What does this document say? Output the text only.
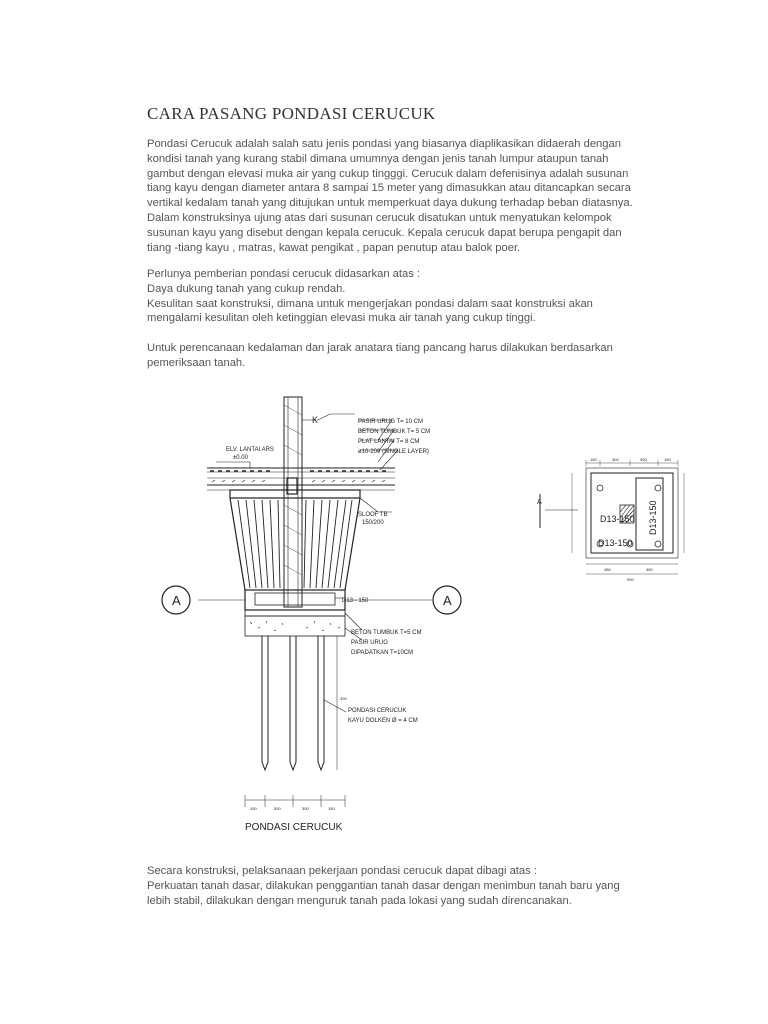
CARA PASANG PONDASI CERUCUK
Pondasi Cerucuk adalah salah satu jenis pondasi yang biasanya diaplikasikan didaerah dengan
kondisi tanah yang kurang stabil dimana umumnya dengan jenis tanah lumpur ataupun tanah
gambut dengan elevasi muka air yang cukup tingggi. Cerucuk dalam defenisinya adalah susunan
tiang kayu dengan diameter antara 8 sampai 15 meter yang dimasukkan atau ditancapkan secara
vertikal kedalam tanah yang ditujukan untuk memperkuat daya dukung terhadap beban diatasnya.
Dalam konstruksinya ujung atas dari susunan cerucuk disatukan untuk menyatukan kelompok
susunan kayu yang disebut dengan kepala cerucuk. Kepala cerucuk dapat berupa pengapit dan
tiang -tiang kayu , matras, kawat pengikat , papan penutup atau balok poer.
Perlunya pemberian pondasi cerucuk didasarkan atas :
Daya dukung tanah yang cukup rendah.
Kesulitan saat konstruksi, dimana untuk mengerjakan pondasi dalam saat konstruksi akan
mengalami kesulitan oleh ketinggian elevasi muka air tanah yang cukup tinggi.
Untuk perencanaan kedalaman dan jarak anatara tiang pancang harus dilakukan berdasarkan
pemeriksaan tanah.
Secara konstruksi, pelaksanaan pekerjaan pondasi cerucuk dapat dibagi atas :
Perkuatan tanah dasar, dilakukan penggantian tanah dasar dengan menimbun tanah baru yang
lebih stabil, dilakukan dengan menguruk tanah pada lokasi yang sudah direncanakan.
K
ELV. LANTAI ARS
±0.00
PASIR URUG T= 10 CM
BETON TUMBUK T= 5 CM
PLAT LANTAI T= 8 CM
ø10-200 (SINGLE LAYER)
SLOOF TB
150/200
D13 - 150
BETON TUMBUK T=5 CM
PASIR URUG
DIPADATKAN T=10CM
PONDASI CERUCUK
KAYU DOLKEN Ø = 4 CM
A	A
150	300	300	150
300
PONDASI CERUCUK
A
D13-150
D13-150
D13-150
150	300	300	150
450	450
900
